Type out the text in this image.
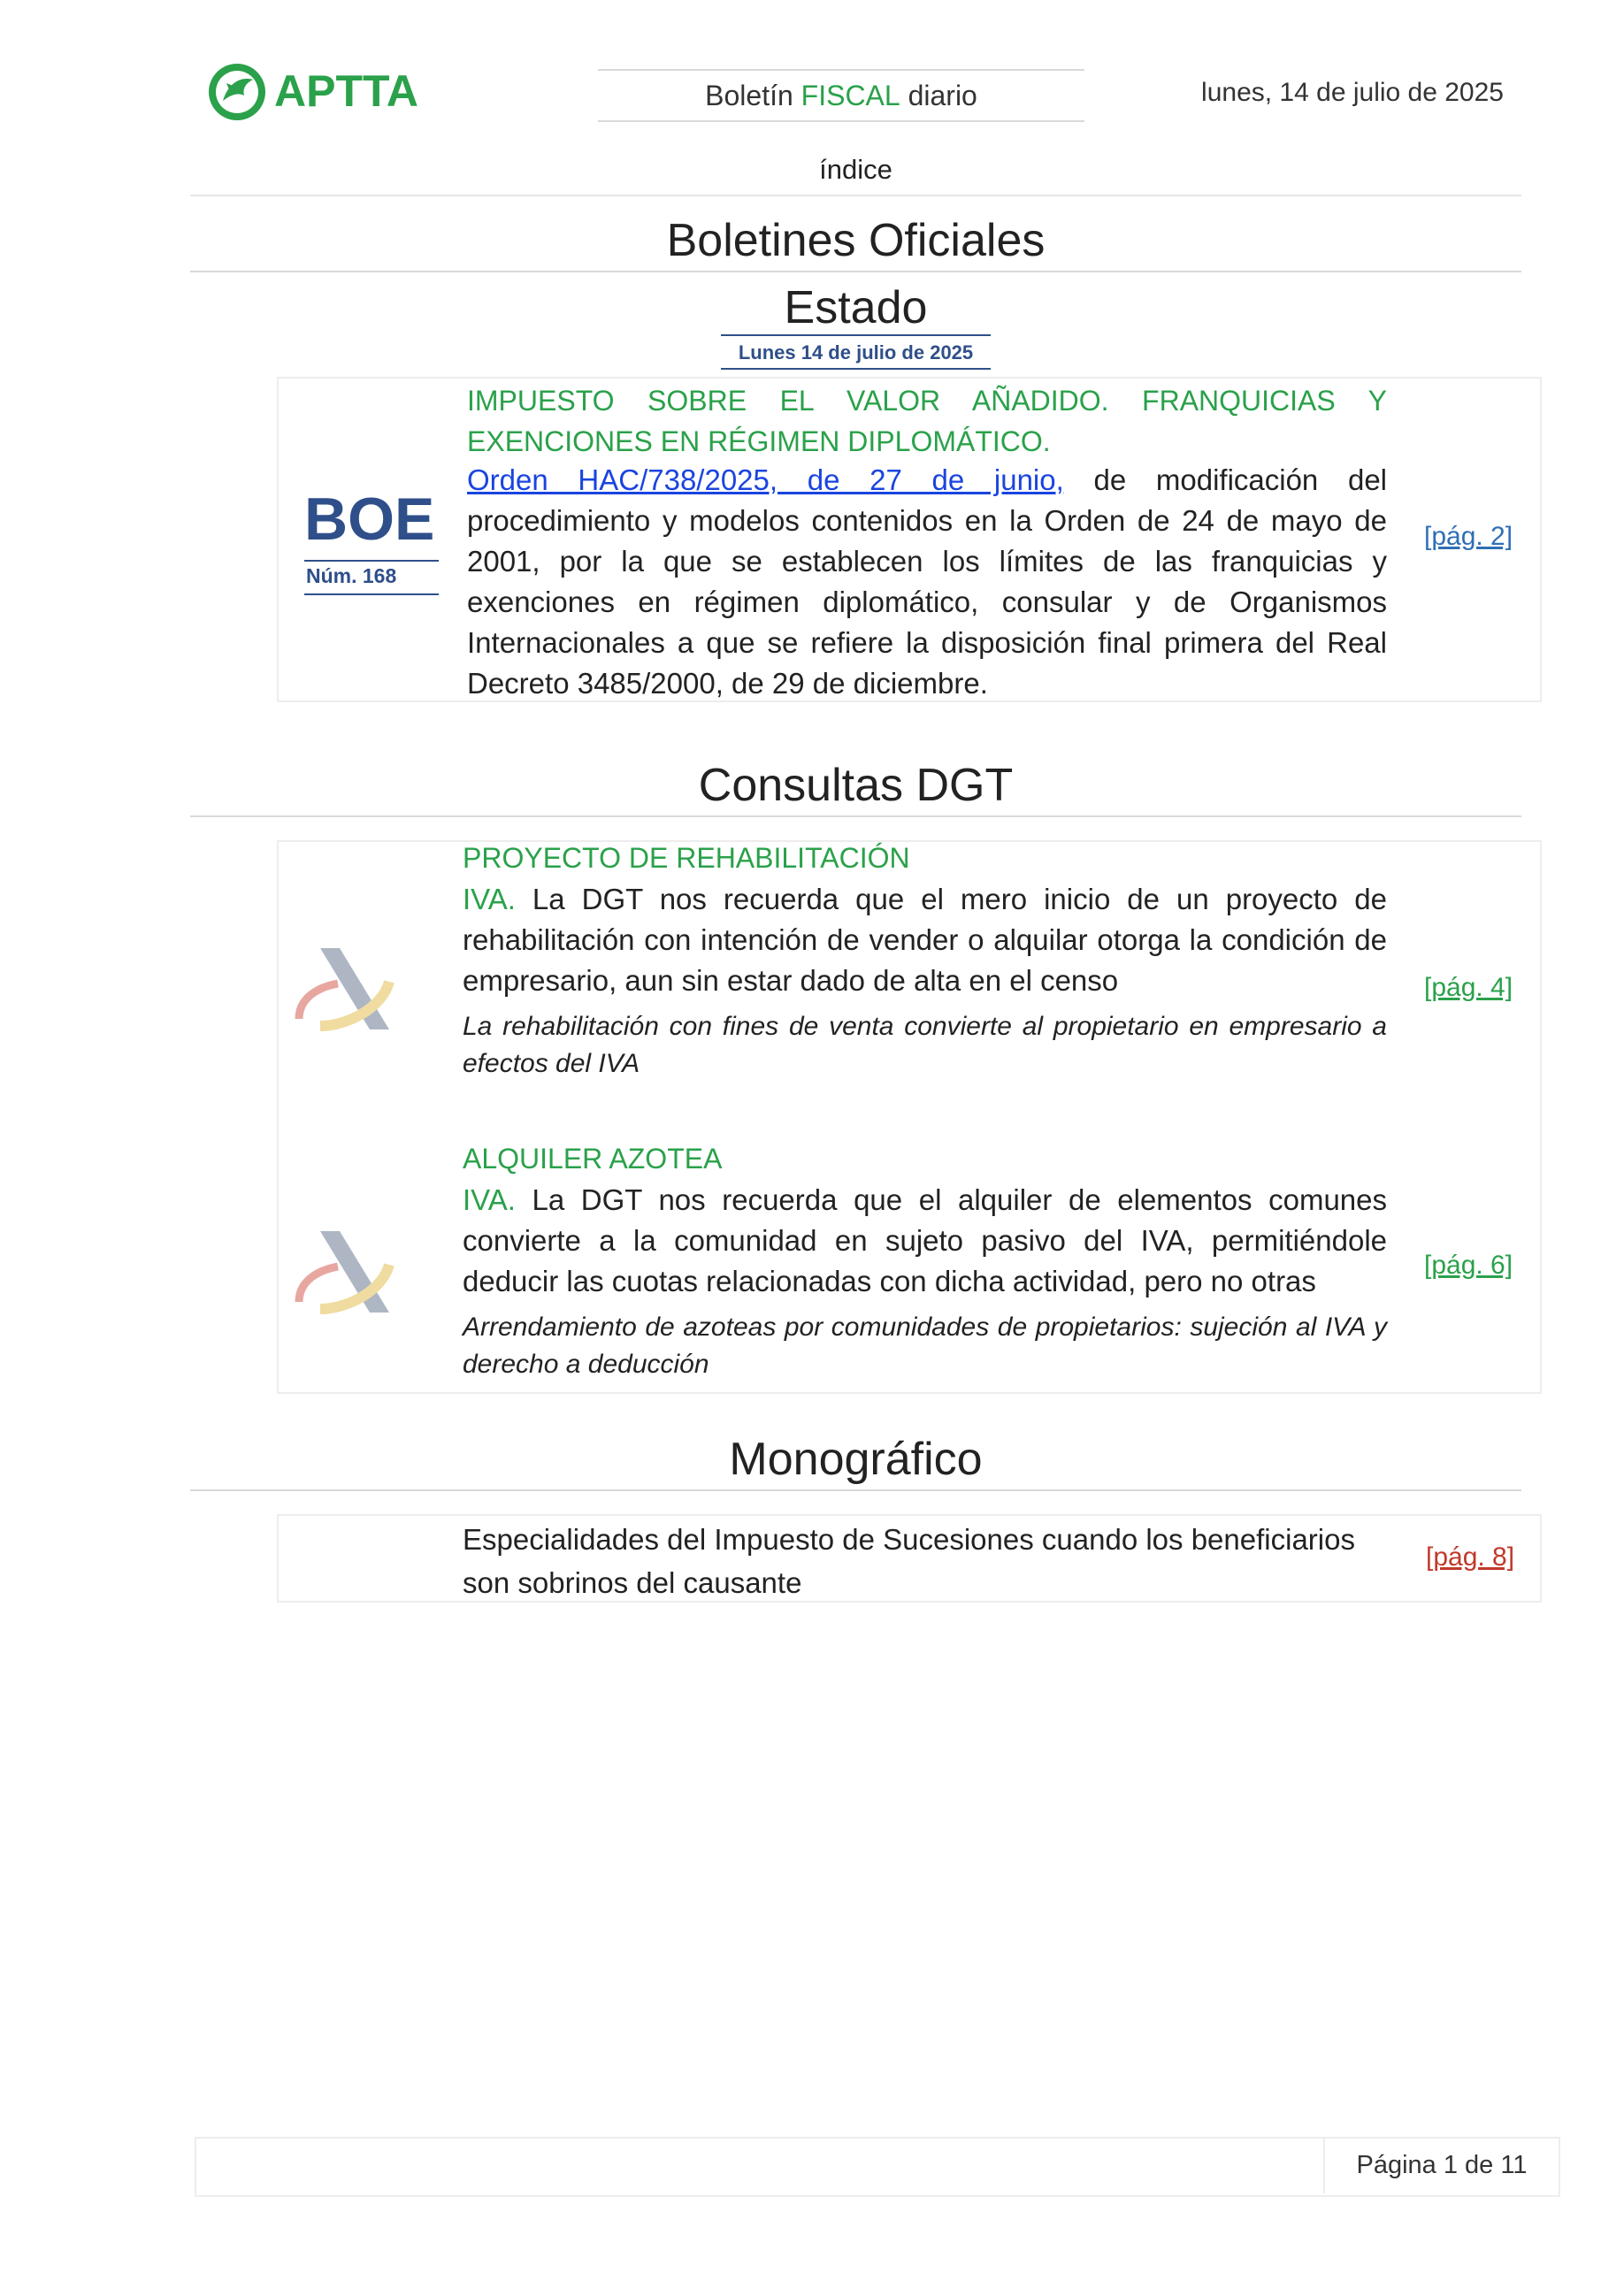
APTTA	Boletín
FISCAL
diario	lunes, 14 de julio de 2025
índice
Boletines Oficiales
Estado
Lunes 14 de julio de 2025
BOE
Núm. 168
IMPUESTO SOBRE EL VALOR AÑADIDO. FRANQUICIAS Y EXENCIONES EN RÉGIMEN DIPLOMÁTICO.
Orden HAC/738/2025, de 27 de junio, de modificación del procedimiento y modelos contenidos en la Orden de 24 de mayo de 2001, por la que se establecen los límites de las franquicias y exenciones en régimen diplomático, consular y de Organismos Internacionales a que se refiere la disposición final primera del Real Decreto 3485/2000, de 29 de diciembre.
[pág. 2]
Consultas DGT
PROYECTO DE REHABILITACIÓN
IVA. La DGT nos recuerda que el mero inicio de un proyecto de rehabilitación con intención de vender o alquilar otorga la condición de empresario, aun sin estar dado de alta en el censo
La rehabilitación con fines de venta convierte al propietario en empresario a efectos del IVA
[pág. 4]
ALQUILER AZOTEA
IVA. La DGT nos recuerda que el alquiler de elementos comunes convierte a la comunidad en sujeto pasivo del IVA, permitiéndole deducir las cuotas relacionadas con dicha actividad, pero no otras
Arrendamiento de azoteas por comunidades de propietarios: sujeción al IVA y derecho a deducción
[pág. 6]
Monográfico
Especialidades del Impuesto de Sucesiones cuando los beneficiarios son sobrinos del causante
[pág. 8]
Página 1 de 11
